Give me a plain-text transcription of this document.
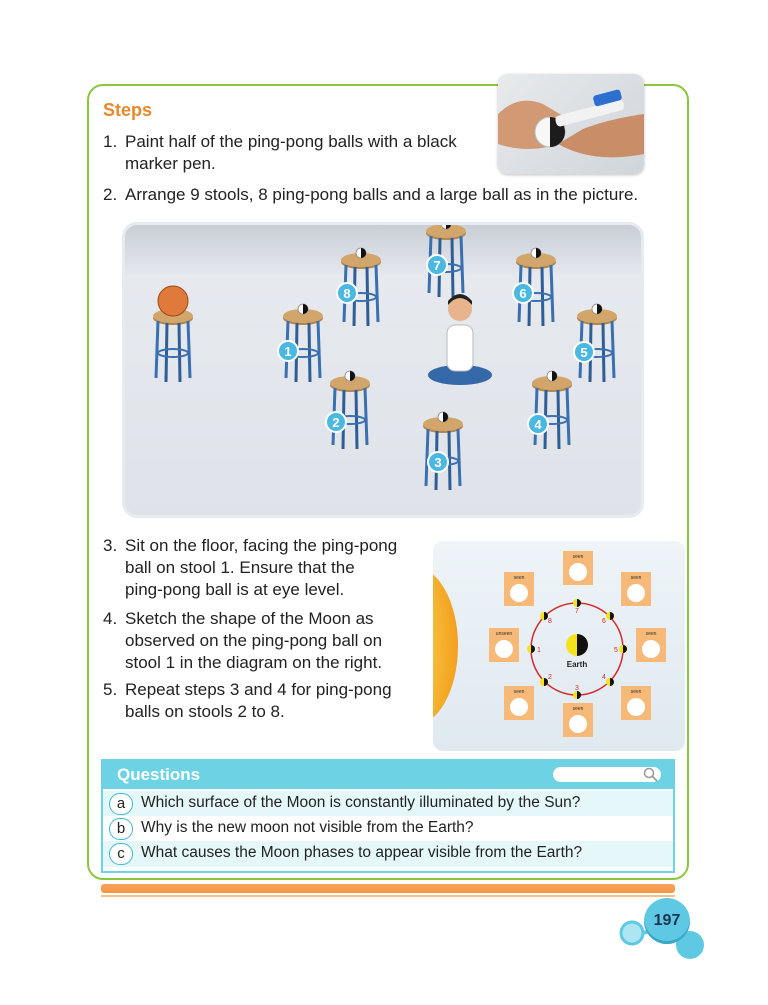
Steps
1. Paint half of the ping-pong balls with a black
marker pen.
2. Arrange 9 stools, 8 ping-pong balls and a large ball as in the picture.
1
2
3
4
5
6
7
8
3. Sit on the floor, facing the ping-pong
ball on stool 1. Ensure that the
ping-pong ball is at eye level.
4. Sketch the shape of the Moon as
observed on the ping-pong ball on
stool 1 in the diagram on the right.
5. Repeat steps 3 and 4 for ping-pong
balls on stools 2 to 8.
Earth
unseen
seen
seen
seen
seen
seen
seen
seen
1
2
3
4
5
6
7
8
Questions
a	Which surface of the Moon is constantly illuminated by the Sun?
b	Why is the new moon not visible from the Earth?
c	What causes the Moon phases to appear visible from the Earth?
197
